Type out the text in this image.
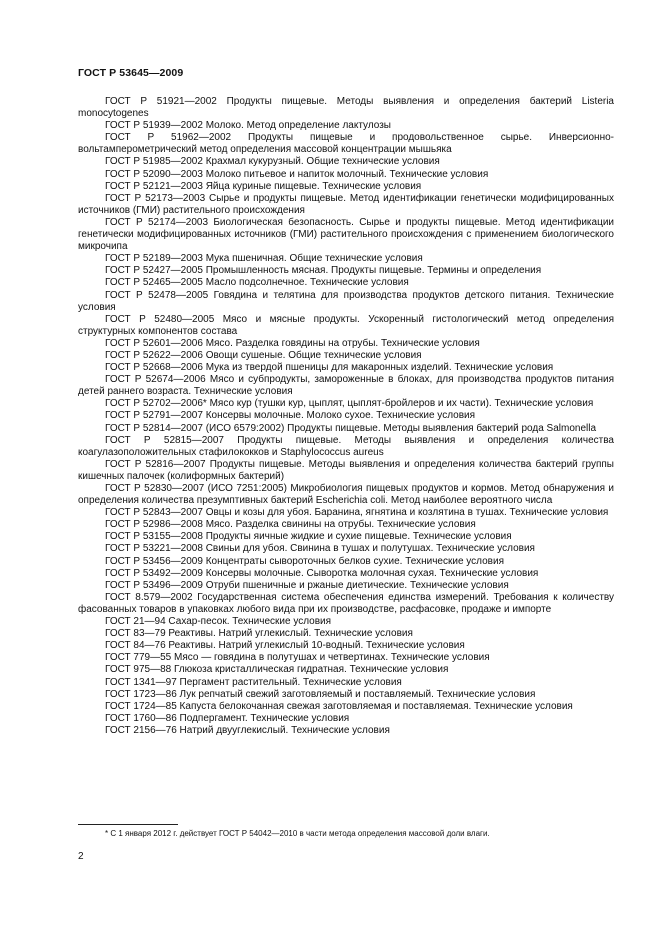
ГОСТ Р 53645—2009

ГОСТ Р 51921—2002 Продукты пищевые. Методы выявления и определения бактерий Listeria monocytogenes

ГОСТ Р 51939—2002 Молоко. Метод определение лактулозы

ГОСТ Р 51962—2002 Продукты пищевые и продовольственное сырье. Инверсионно-вольтамперометрический метод определения массовой концентрации мышьяка

ГОСТ Р 51985—2002 Крахмал кукурузный. Общие технические условия

ГОСТ Р 52090—2003 Молоко питьевое и напиток молочный. Технические условия

ГОСТ Р 52121—2003 Яйца куриные пищевые. Технические условия

ГОСТ Р 52173—2003 Сырье и продукты пищевые. Метод идентификации генетически модифицированных источников (ГМИ) растительного происхождения

ГОСТ Р 52174—2003 Биологическая безопасность. Сырье и продукты пищевые. Метод идентификации генетически модифицированных источников (ГМИ) растительного происхождения с применением биологического микрочипа

ГОСТ Р 52189—2003 Мука пшеничная. Общие технические условия

ГОСТ Р 52427—2005 Промышленность мясная. Продукты пищевые. Термины и определения

ГОСТ Р 52465—2005 Масло подсолнечное. Технические условия

ГОСТ Р 52478—2005 Говядина и телятина для производства продуктов детского питания. Технические условия

ГОСТ Р 52480—2005 Мясо и мясные продукты. Ускоренный гистологический метод определения структурных компонентов состава

ГОСТ Р 52601—2006 Мясо. Разделка говядины на отрубы. Технические условия

ГОСТ Р 52622—2006 Овощи сушеные. Общие технические условия

ГОСТ Р 52668—2006 Мука из твердой пшеницы для макаронных изделий. Технические условия

ГОСТ Р 52674—2006 Мясо и субпродукты, замороженные в блоках, для производства продуктов питания детей раннего возраста. Технические условия

ГОСТ Р 52702—2006* Мясо кур (тушки кур, цыплят, цыплят-бройлеров и их части). Технические условия

ГОСТ Р 52791—2007 Консервы молочные. Молоко сухое. Технические условия

ГОСТ Р 52814—2007 (ИСО 6579:2002) Продукты пищевые. Методы выявления бактерий рода Salmonella

ГОСТ Р 52815—2007 Продукты пищевые. Методы выявления и определения количества коагулазоположительных стафилококков и Staphylococcus aureus

ГОСТ Р 52816—2007 Продукты пищевые. Методы выявления и определения количества бактерий группы кишечных палочек (колиформных бактерий)

ГОСТ Р 52830—2007 (ИСО 7251:2005) Микробиология пищевых продуктов и кормов. Метод обнаружения и определения количества презумптивных бактерий Escherichia coli. Метод наиболее вероятного числа

ГОСТ Р 52843—2007 Овцы и козы для убоя. Баранина, ягнятина и козлятина в тушах. Технические условия

ГОСТ Р 52986—2008 Мясо. Разделка свинины на отрубы. Технические условия

ГОСТ Р 53155—2008 Продукты яичные жидкие и сухие пищевые. Технические условия

ГОСТ Р 53221—2008 Свиньи для убоя. Свинина в тушах и полутушах. Технические условия

ГОСТ Р 53456—2009 Концентраты сывороточных белков сухие. Технические условия

ГОСТ Р 53492—2009 Консервы молочные. Сыворотка молочная сухая. Технические условия

ГОСТ Р 53496—2009 Отруби пшеничные и ржаные диетические. Технические условия

ГОСТ 8.579—2002 Государственная система обеспечения единства измерений. Требования к количеству фасованных товаров в упаковках любого вида при их производстве, расфасовке, продаже и импорте

ГОСТ 21—94 Сахар-песок. Технические условия

ГОСТ 83—79 Реактивы. Натрий углекислый. Технические условия

ГОСТ 84—76 Реактивы. Натрий углекислый 10-водный. Технические условия

ГОСТ 779—55 Мясо — говядина в полутушах и четвертинах. Технические условия

ГОСТ 975—88 Глюкоза кристаллическая гидратная. Технические условия

ГОСТ 1341—97 Пергамент растительный. Технические условия

ГОСТ 1723—86 Лук репчатый свежий заготовляемый и поставляемый. Технические условия

ГОСТ 1724—85 Капуста белокочанная свежая заготовляемая и поставляемая. Технические условия

ГОСТ 1760—86 Подпергамент. Технические условия

ГОСТ 2156—76 Натрий двууглекислый. Технические условия

* С 1 января 2012 г. действует ГОСТ Р 54042—2010 в части метода определения массовой доли влаги.
2
